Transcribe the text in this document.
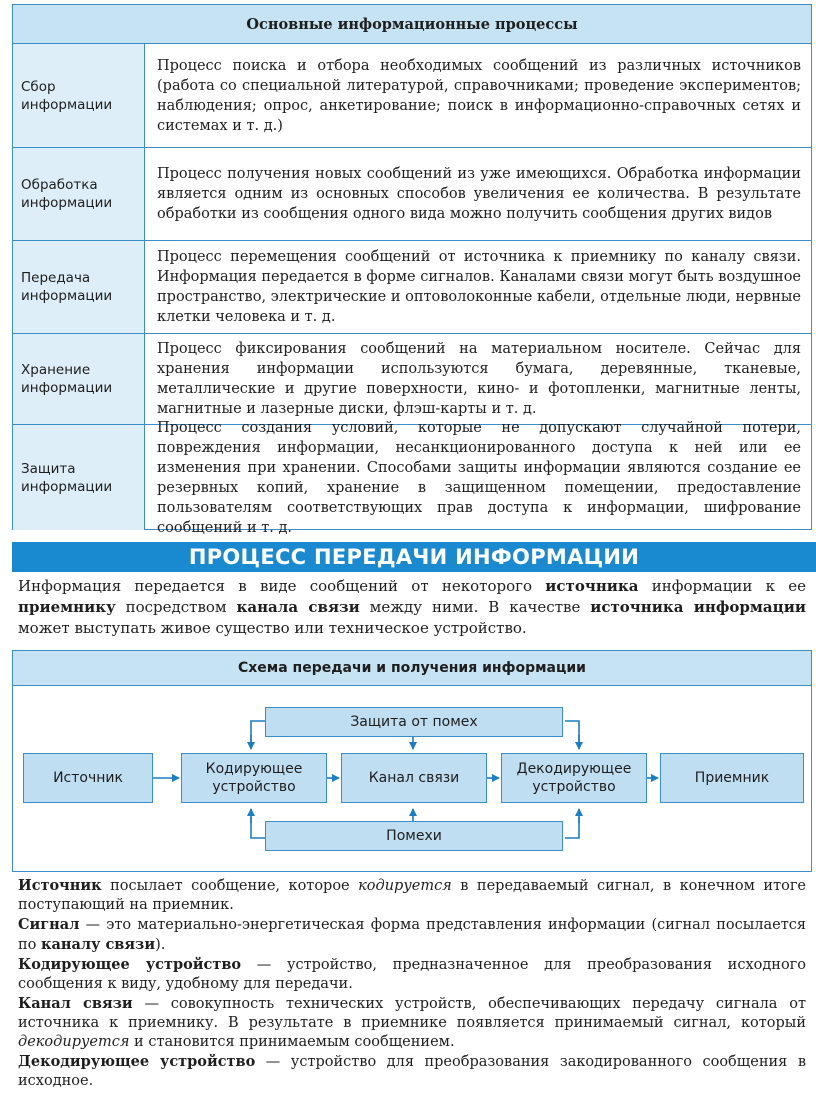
Основные информационные процессы
Сбор информации
Процесс поиска и отбора необходимых сообщений из различных источников (работа со специальной литературой, справочниками; проведение экспериментов; наблюдения; опрос, анкетирование; поиск в информационно-справочных сетях и системах и т. д.)
Обработка информации
Процесс получения новых сообщений из уже имеющихся. Обработка информации является одним из основных способов увеличения ее количества. В результате обработки из сообщения одного вида можно получить сообщения других видов
Передача информации
Процесс перемещения сообщений от источника к приемнику по каналу связи. Информация передается в форме сигналов. Каналами связи могут быть воздушное пространство, электрические и оптоволоконные кабели, отдельные люди, нервные клетки человека и т. д.
Хранение информации
Процесс фиксирования сообщений на материальном носителе. Сейчас для хранения информации используются бумага, деревянные, тканевые, металлические и другие поверхности, кино- и фотопленки, магнитные ленты, магнитные и лазерные диски, флэш-карты и т. д.
Защита информации
Процесс создания условий, которые не допускают случайной потери, повреждения информации, несанкционированного доступа к ней или ее изменения при хранении. Способами защиты информации являются создание ее резервных копий, хранение в защищенном помещении, предоставление пользователям соответствующих прав доступа к информации, шифрование сообщений и т. д.
ПРОЦЕСС ПЕРЕДАЧИ ИНФОРМАЦИИ
Информация передается в виде сообщений от некоторого источника информации к ее приемнику посредством канала связи между ними. В качестве источника информации может выступать живое существо или техническое устройство.
Схема передачи и получения информации
Защита от помех
Помехи
Источник
Кодирующее устройство
Канал связи
Декодирующее устройство
Приемник

Источник посылает сообщение, которое кодируется в передаваемый сигнал, в конечном итоге поступающий на приемник.

Сигнал — это материально-энергетическая форма представления информации (сигнал посылается по каналу связи).

Кодирующее устройство — устройство, предназначенное для преобразования исходного сообщения к виду, удобному для передачи.

Канал связи — совокупность технических устройств, обеспечивающих передачу сигнала от источника к приемнику. В результате в приемнике появляется принимаемый сигнал, который декодируется и становится принимаемым сообщением.

Декодирующее устройство — устройство для преобразования закодированного сообщения в исходное.
